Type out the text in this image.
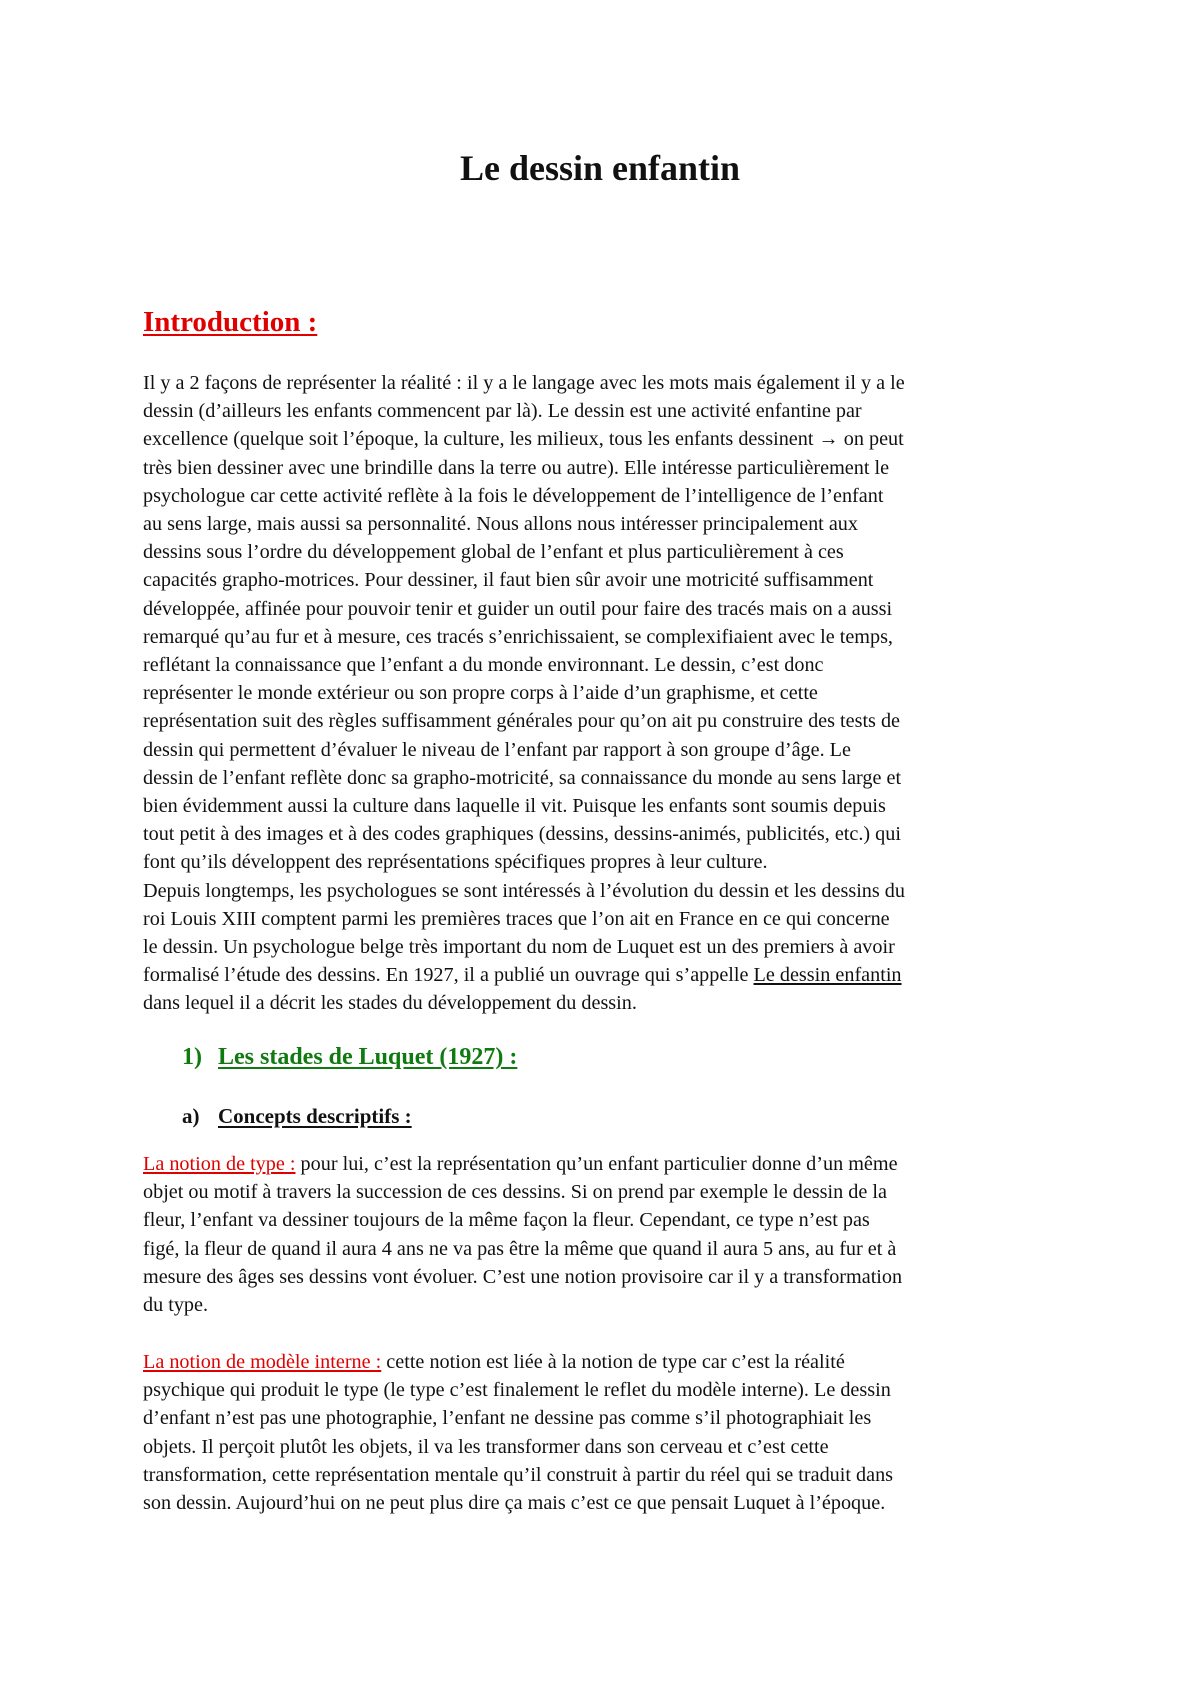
Le dessin enfantin
Introduction :
Il y a 2 façons de représenter la réalité : il y a le langage avec les mots mais également il y a le
dessin (d’ailleurs les enfants commencent par là). Le dessin est une activité enfantine par
excellence (quelque soit l’époque, la culture, les milieux, tous les enfants dessinent → on peut
très bien dessiner avec une brindille dans la terre ou autre). Elle intéresse particulièrement le
psychologue car cette activité reflète à la fois le développement de l’intelligence de l’enfant
au sens large, mais aussi sa personnalité. Nous allons nous intéresser principalement aux
dessins sous l’ordre du développement global de l’enfant et plus particulièrement à ces
capacités grapho-motrices. Pour dessiner, il faut bien sûr avoir une motricité suffisamment
développée, affinée pour pouvoir tenir et guider un outil pour faire des tracés mais on a aussi
remarqué qu’au fur et à mesure, ces tracés s’enrichissaient, se complexifiaient avec le temps,
reflétant la connaissance que l’enfant a du monde environnant. Le dessin, c’est donc
représenter le monde extérieur ou son propre corps à l’aide d’un graphisme, et cette
représentation suit des règles suffisamment générales pour qu’on ait pu construire des tests de
dessin qui permettent d’évaluer le niveau de l’enfant par rapport à son groupe d’âge. Le
dessin de l’enfant reflète donc sa grapho-motricité, sa connaissance du monde au sens large et
bien évidemment aussi la culture dans laquelle il vit. Puisque les enfants sont soumis depuis
tout petit à des images et à des codes graphiques (dessins, dessins-animés, publicités, etc.) qui
font qu’ils développent des représentations spécifiques propres à leur culture.
Depuis longtemps, les psychologues se sont intéressés à l’évolution du dessin et les dessins du
roi Louis XIII comptent parmi les premières traces que l’on ait en France en ce qui concerne
le dessin. Un psychologue belge très important du nom de Luquet est un des premiers à avoir
formalisé l’étude des dessins. En 1927, il a publié un ouvrage qui s’appelle Le dessin enfantin
dans lequel il a décrit les stades du développement du dessin.
1) Les stades de Luquet (1927) :
a) Concepts descriptifs :
La notion de type : pour lui, c’est la représentation qu’un enfant particulier donne d’un même
objet ou motif à travers la succession de ces dessins. Si on prend par exemple le dessin de la
fleur, l’enfant va dessiner toujours de la même façon la fleur. Cependant, ce type n’est pas
figé, la fleur de quand il aura 4 ans ne va pas être la même que quand il aura 5 ans, au fur et à
mesure des âges ses dessins vont évoluer. C’est une notion provisoire car il y a transformation
du type.
La notion de modèle interne : cette notion est liée à la notion de type car c’est la réalité
psychique qui produit le type (le type c’est finalement le reflet du modèle interne). Le dessin
d’enfant n’est pas une photographie, l’enfant ne dessine pas comme s’il photographiait les
objets. Il perçoit plutôt les objets, il va les transformer dans son cerveau et c’est cette
transformation, cette représentation mentale qu’il construit à partir du réel qui se traduit dans
son dessin. Aujourd’hui on ne peut plus dire ça mais c’est ce que pensait Luquet à l’époque.
